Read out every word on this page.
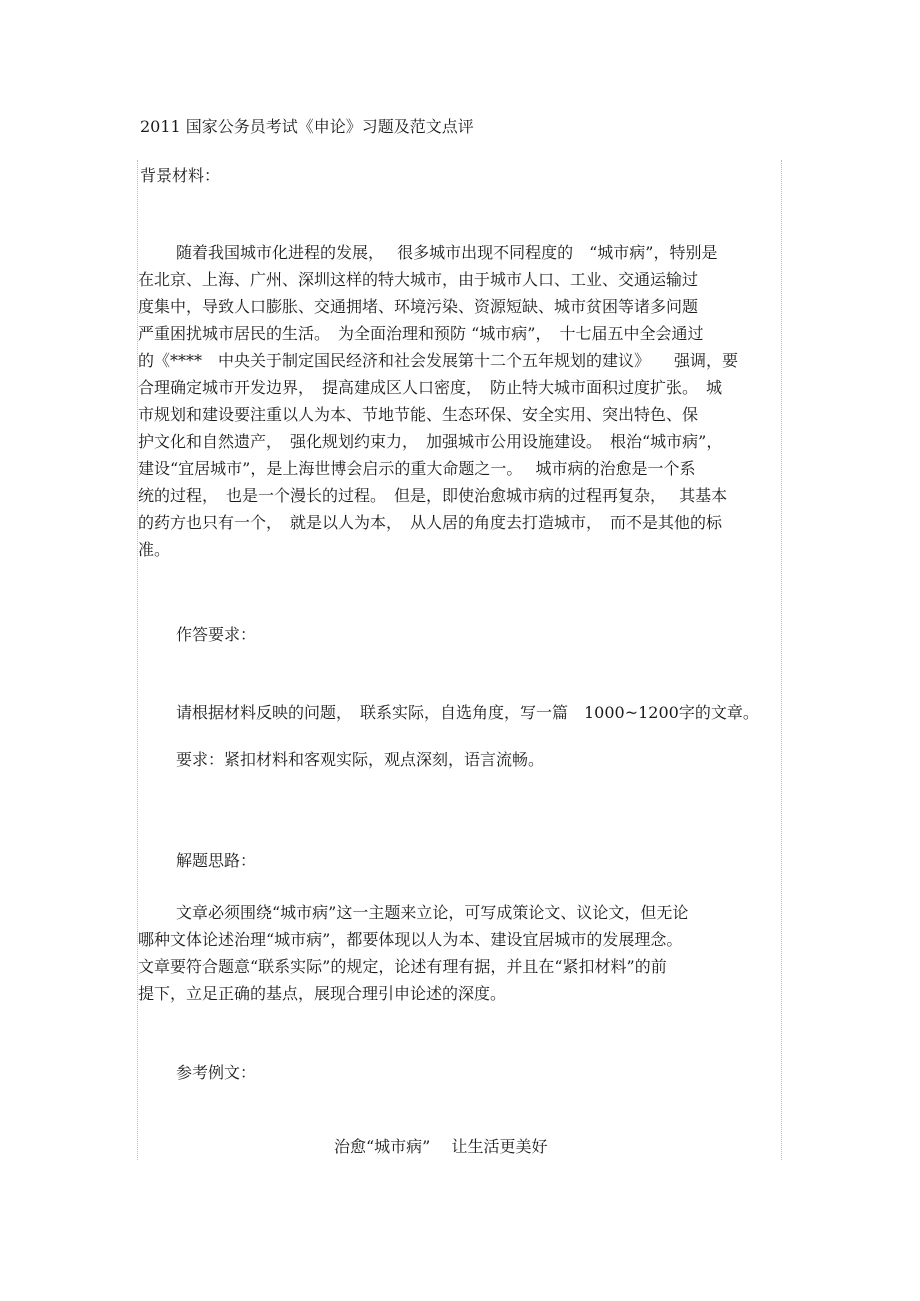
2011 国家公务员考试《申论》习题及范文点评
背景材料：
随着我国城市化进程的发展，　 很多城市出现不同程度的　“城市病”，特别是
在北京、上海、广州、深圳这样的特大城市，由于城市人口、工业、交通运输过
度集中，导致人口膨胀、交通拥堵、环境污染、资源短缺、城市贫困等诸多问题
严重困扰城市居民的生活。　为全面治理和预防 “城市病”，　十七届五中全会通过
的《****　中央关于制定国民经济和社会发展第十二个五年规划的建议》　　强调，要
合理确定城市开发边界，　提高建成区人口密度，　防止特大城市面积过度扩张。　城
市规划和建设要注重以人为本、节地节能、生态环保、安全实用、突出特色、保
护文化和自然遗产，　强化规划约束力，　加强城市公用设施建设。　根治“城市病”，
建设“宜居城市”，是上海世博会启示的重大命题之一。　 城市病的治愈是一个系
统的过程，　也是一个漫长的过程。　但是，即使治愈城市病的过程再复杂，　 其基本
的药方也只有一个，　就是以人为本，　从人居的角度去打造城市，　而不是其他的标
准。
作答要求：
请根据材料反映的问题，　联系实际，自选角度，写一篇　1000~1200字的文章。
要求：紧扣材料和客观实际，观点深刻，语言流畅。
解题思路：
文章必须围绕“城市病”这一主题来立论，可写成策论文、议论文，但无论
哪种文体论述治理“城市病”，都要体现以人为本、建设宜居城市的发展理念。
文章要符合题意“联系实际”的规定，论述有理有据，并且在“紧扣材料”的前
提下，立足正确的基点，展现合理引申论述的深度。
参考例文：
治愈“城市病”　 让生活更美好
